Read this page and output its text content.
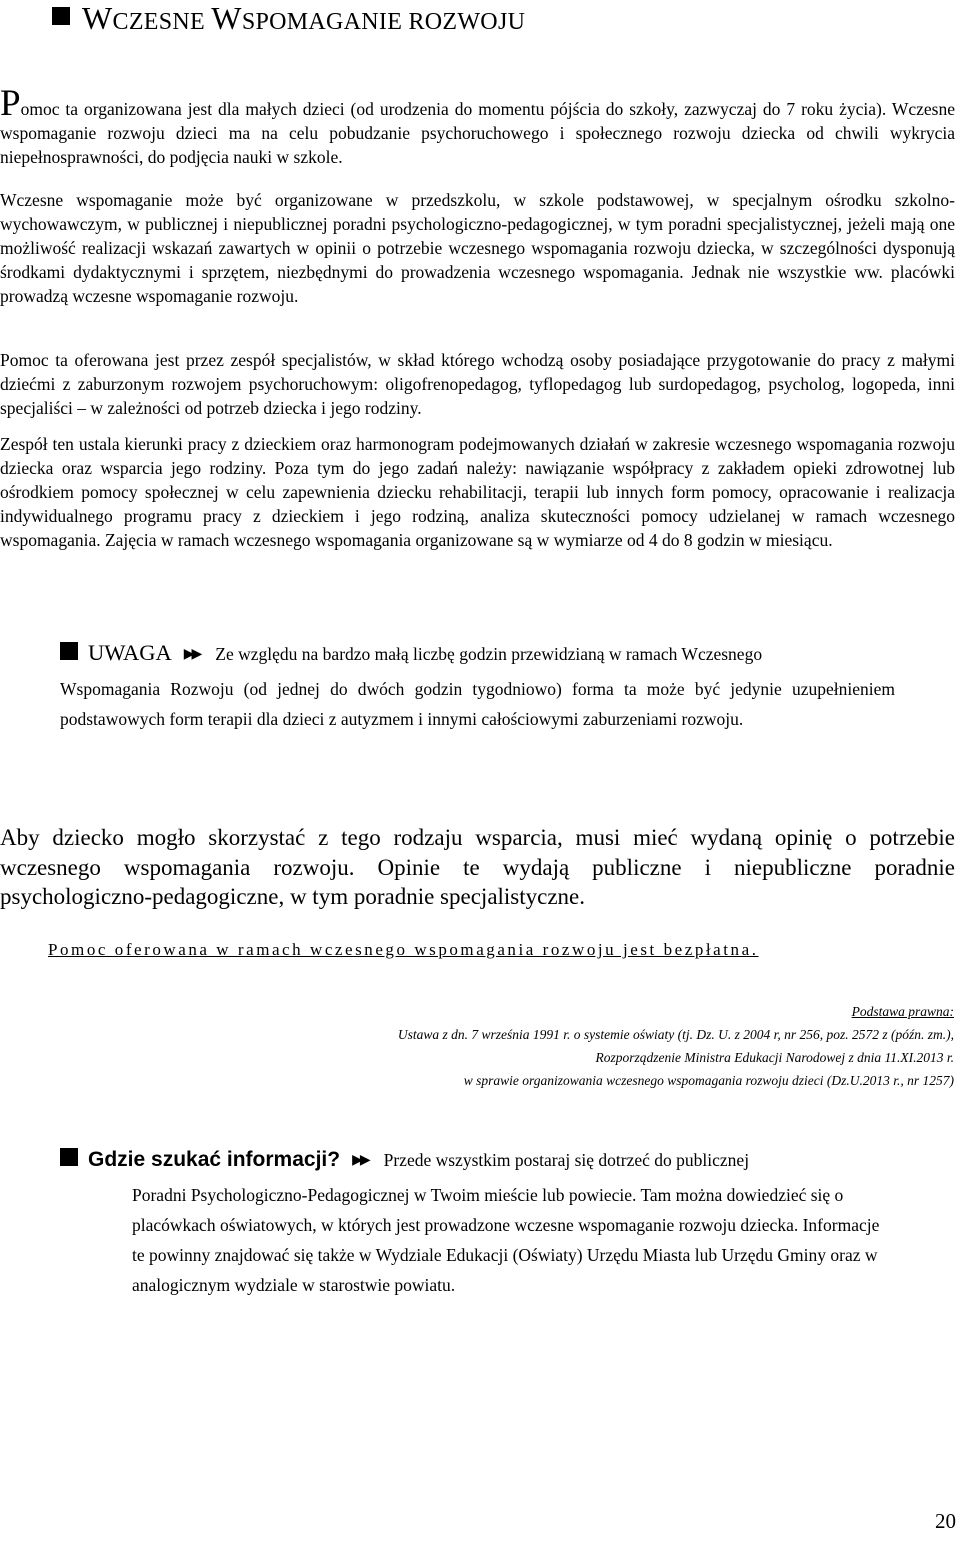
WCZESNE WSPOMAGANIE ROZWOJU

Pomoc ta organizowana jest dla małych dzieci (od urodzenia do momentu pójścia do szkoły, zazwyczaj do 7 roku życia). Wczesne wspomaganie rozwoju dzieci ma na celu pobudzanie psychoruchowego i społecznego rozwoju dziecka od chwili wykrycia niepełnosprawności, do podjęcia nauki w szkole.

Wczesne wspomaganie może być organizowane w przedszkolu, w szkole podstawowej, w specjalnym ośrodku szkolno-wychowawczym, w publicznej i niepublicznej poradni psychologiczno-pedagogicznej, w tym poradni specjalistycznej, jeżeli mają one możliwość realizacji wskazań zawartych w opinii o potrzebie wczesnego wspomagania rozwoju dziecka, w szczególności dysponują środkami dydaktycznymi i sprzętem, niezbędnymi do prowadzenia wczesnego wspomagania. Jednak nie wszystkie ww. placówki prowadzą wczesne wspomaganie rozwoju.

Pomoc ta oferowana jest przez zespół specjalistów, w skład którego wchodzą osoby posiadające przygotowanie do pracy z małymi dziećmi z zaburzonym rozwojem psychoruchowym: oligofrenopedagog, tyflopedagog lub surdopedagog, psycholog, logopeda, inni specjaliści – w zależności od potrzeb dziecka i jego rodziny.

Zespół ten ustala kierunki pracy z dzieckiem oraz harmonogram podejmowanych działań w zakresie wczesnego wspomagania rozwoju dziecka oraz wsparcia jego rodziny. Poza tym do jego zadań należy: nawiązanie współpracy z zakładem opieki zdrowotnej lub ośrodkiem pomocy społecznej w celu zapewnienia dziecku rehabilitacji, terapii lub innych form pomocy, opracowanie i realizacja indywidualnego programu pracy z dzieckiem i jego rodziną, analiza skuteczności pomocy udzielanej w ramach wczesnego wspomagania. Zajęcia w ramach wczesnego wspomagania organizowane są w wymiarze od 4 do 8 godzin w miesiącu.

UWAGA ▶▶ Ze względu na bardzo małą liczbę godzin przewidzianą w ramach Wczesnego

Wspomagania Rozwoju (od jednej do dwóch godzin tygodniowo) forma ta może być jedynie uzupełnieniem podstawowych form terapii dla dzieci z autyzmem i innymi całościowymi zaburzeniami rozwoju.

Aby dziecko mogło skorzystać z tego rodzaju wsparcia, musi mieć wydaną opinię o potrzebie wczesnego wspomagania rozwoju. Opinie te wydają publiczne i niepubliczne poradnie psychologiczno-pedagogiczne, w tym poradnie specjalistyczne.

Pomoc oferowana w ramach wczesnego wspomagania rozwoju jest bezpłatna.

Podstawa prawna:
Ustawa z dn. 7 września 1991 r. o systemie oświaty (tj. Dz. U. z 2004 r, nr 256, poz. 2572 z (późn. zm.),
Rozporządzenie Ministra Edukacji Narodowej z dnia 11.XI.2013 r.
w sprawie organizowania wczesnego wspomagania rozwoju dzieci (Dz.U.2013 r., nr 1257)
Gdzie szukać informacji? ▶▶ Przede wszystkim postaraj się dotrzeć do publicznej

Poradni Psychologiczno-Pedagogicznej w Twoim mieście lub powiecie. Tam można dowiedzieć się o placówkach oświatowych, w których jest prowadzone wczesne wspomaganie rozwoju dziecka. Informacje te powinny znajdować się także w Wydziale Edukacji (Oświaty) Urzędu Miasta lub Urzędu Gminy oraz w analogicznym wydziale w starostwie powiatu.

20
